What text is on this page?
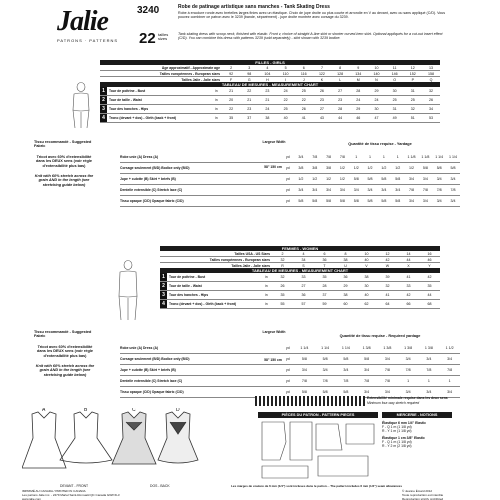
Jalie
PATRONS · PATTERNS
3240
22 tailles
sizes
Robe de patinage artistique sans manches - Tank Skating Dress
Robe à encolure ronde avec bretelles larges finies avec un élastique. Choix de jupe droite ou plus courte et arrondie en V au devant, avec ou sans appliqué (C/D). Vous pouvez combiner ce patron avec le 3239 (bande, séparément) - jupe droite montrée avec corsage du 3239.
Tank skating dress with scoop neck, finished with elastic. Front v, choice of straight A-line skirt or shorter curved-hem skirt. Optional appliqués for a cut-out insert effect (C/D). You can combine this dress with patterns 3239 (sold separately) - skirt shown with 3239 bodice.
FILLES - GIRLS
Âge approximatif - Approximate age	2	3	4	5	6	7	8	9	10	11	12	13
Tailles européennes - European sizes	92	98	104	110	116	122	128	134	140	146	152	158
Tailles Jalie - Jalie sizes	F	G	H	I	J	K	L	M	N	O	P	Q
TABLEAU DE MESURES - MEASUREMENT CHART
1	Tour de poitrine - Bust	in	21	22	23	24	25	26	27	28	29	30	31	32
2	Tour de taille - Waist	in	20	21	21	22	22	23	23	24	24	25	25	26
3	Tour des hanches - Hips	in	22	23	24	25	26	27	28	29	30	31	32	34
4	Trono (devant + dos) - Girth (back + front)	in	35	37	38	40	41	43	44	46	47	49	51	53
Tissu recommandé - Suggested Fabric
Tricot avec 60% d'extensibilité dans les DEUX sens (voir règle d'extensibilité plus bas)
Knit with 60% stretch across the grain AND in the length (see stretching guide below)
Largeur Width
58" 150 cm
Quantité de tissu requise - Yardage
Robe unie (A) Dress (A)	yd	3/4	7/8	7/8	7/8	1	1	1	1	1 1/8	1 1/8	1 1/4	1 1/4
Corsage seulement (B/D) Bodice only (B/D)	yd	3/8	3/8	3/8	1/2	1/2	1/2	1/2	1/2	1/2	5/8	5/8	5/8
Jupe + culotte (B) Skirt + briefs (B)	yd	1/2	1/2	1/2	1/2	5/8	5/8	5/8	5/8	3/4	3/4	3/4	3/4
Dentelle extensible (C) Stretch lace (C)	yd	3/4	3/4	3/4	3/4	3/4	3/4	3/4	3/4	7/8	7/8	7/8	7/8
Tissu opaque (C/D) Opaque fabric (C/D)	yd	5/8	5/8	5/8	5/8	5/8	5/8	5/8	5/8	3/4	3/4	3/4	3/4
FEMMES - WOMEN
Tailles USA - US Sizes	2	4	6	8	10	12	14	16
Tailles européennes - European sizes	32	34	36	38	40	42	44	46
Tailles Jalie - Jalie sizes	R	S	T	U	V	W	X	Y
TABLEAU DE MESURES - MEASUREMENT CHART
1	Tour de poitrine - Bust	in	32	33	35	36	38	39	41	42
2	Tour de taille - Waist	in	26	27	28	29	30	32	33	35
3	Tour des hanches - Hips	in	35	36	37	38	40	41	42	44
4	Trono (devant + dos) - Girth (back + front)	in	55	57	59	60	62	64	66	68
Tissu recommandé - Suggested Fabric
Tricot avec 60% d'extensibilité dans les DEUX sens (voir règle d'extensibilité plus bas)
Knit with 60% stretch across the grain AND in the length (see stretching guide below)
Largeur Width
58" 150 cm
Quantité de tissu requise - Required yardage
Robe unie (A) Dress (A)	yd	1 1/4	1 1/4	1 1/4	1 3/8	1 3/8	1 3/8	1 3/8	1 1/2
Corsage seulement (B/D) Bodice only (B/D)	yd	5/8	5/8	5/8	5/8	3/4	3/4	3/4	3/4
Jupe + culotte (B) Skirt + briefs (B)	yd	3/4	3/4	3/4	3/4	7/8	7/8	7/8	7/8
Dentelle extensible (C) Stretch lace (C)	yd	7/8	7/8	7/8	7/8	7/8	1	1	1
Tissu opaque (C/D) Opaque fabric (C/D)	yd	5/8	5/8	5/8	3/4	3/4	3/4	3/4	3/4
Extensibilité minimale requise dans les deux sens
Minimum four-way stretch required
A	B	C	D
DEVANT - FRONT	DOS - BACK
PIÈCES DU PATRON - PATTERN PIECES	MERCERIE - NOTIONS
Élastique 6 mm 1/4" Elastic
F - Q 1 m (1 1/8 yd)
R - Y 1 m (1 1/8 yd)
Élastique 1 cm 3/8" Elastic
F - Q 1 m (1 1/8 yd)
R - Y 2 m (2 1/8 yd)
Les marges de couture de 6 mm (1/4") sont incluses dans le patron. - The pattern includes 6 mm (1/4") seam allowances
IMPRIMÉ AU CANADA / PRINTED IN CANADA
Les patrons Jalie inc. - 2479 Martel Saint-Romuald QC Canada G6W 6L3
www.jalie.com
© Jeanne Émard 2012
Toute reproduction est interdite
Reproduction strictly prohibited
